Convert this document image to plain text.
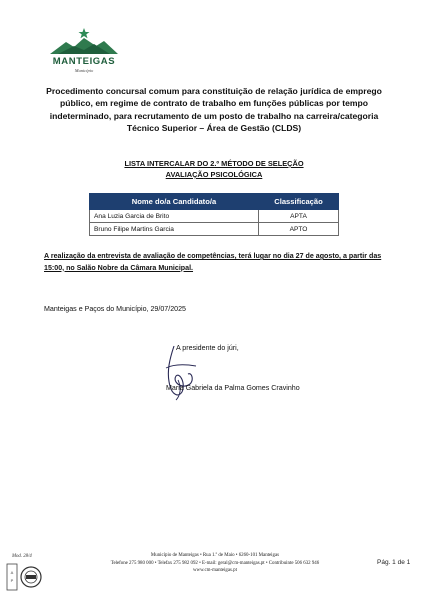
MANTEIGAS
Município
Procedimento concursal comum para constituição de relação jurídica de emprego público, em regime de contrato de trabalho em funções públicas por tempo indeterminado, para recrutamento de um posto de trabalho na carreira/categoria Técnico Superior – Área de Gestão (CLDS)
LISTA INTERCALAR DO 2.º MÉTODO DE SELEÇÃO
AVALIAÇÃO PSICOLÓGICA
Nome do/a Candidato/a	Classificação
Ana Luzia Garcia de Brito	APTA
Bruno Filipe Martins Garcia	APTO
A realização da entrevista de avaliação de competências, terá lugar no dia 27 de agosto, a partir das 15:00, no Salão Nobre da Câmara Municipal.
Manteigas e Paços do Município, 29/07/2025
A presidente do júri,
Maria Gabriela da Palma Gomes Cravinho
Mod. 28/4
A
P
Município de Manteigas • Rua 1.º de Maio • 6260-101 Manteigas
Telefone 275 980 000 • Telefax 275 982 092 • E-mail: geral@cm-manteigas.pt • Contribuinte 506 632 946
www.cm-manteigas.pt
Pág. 1 de 1
